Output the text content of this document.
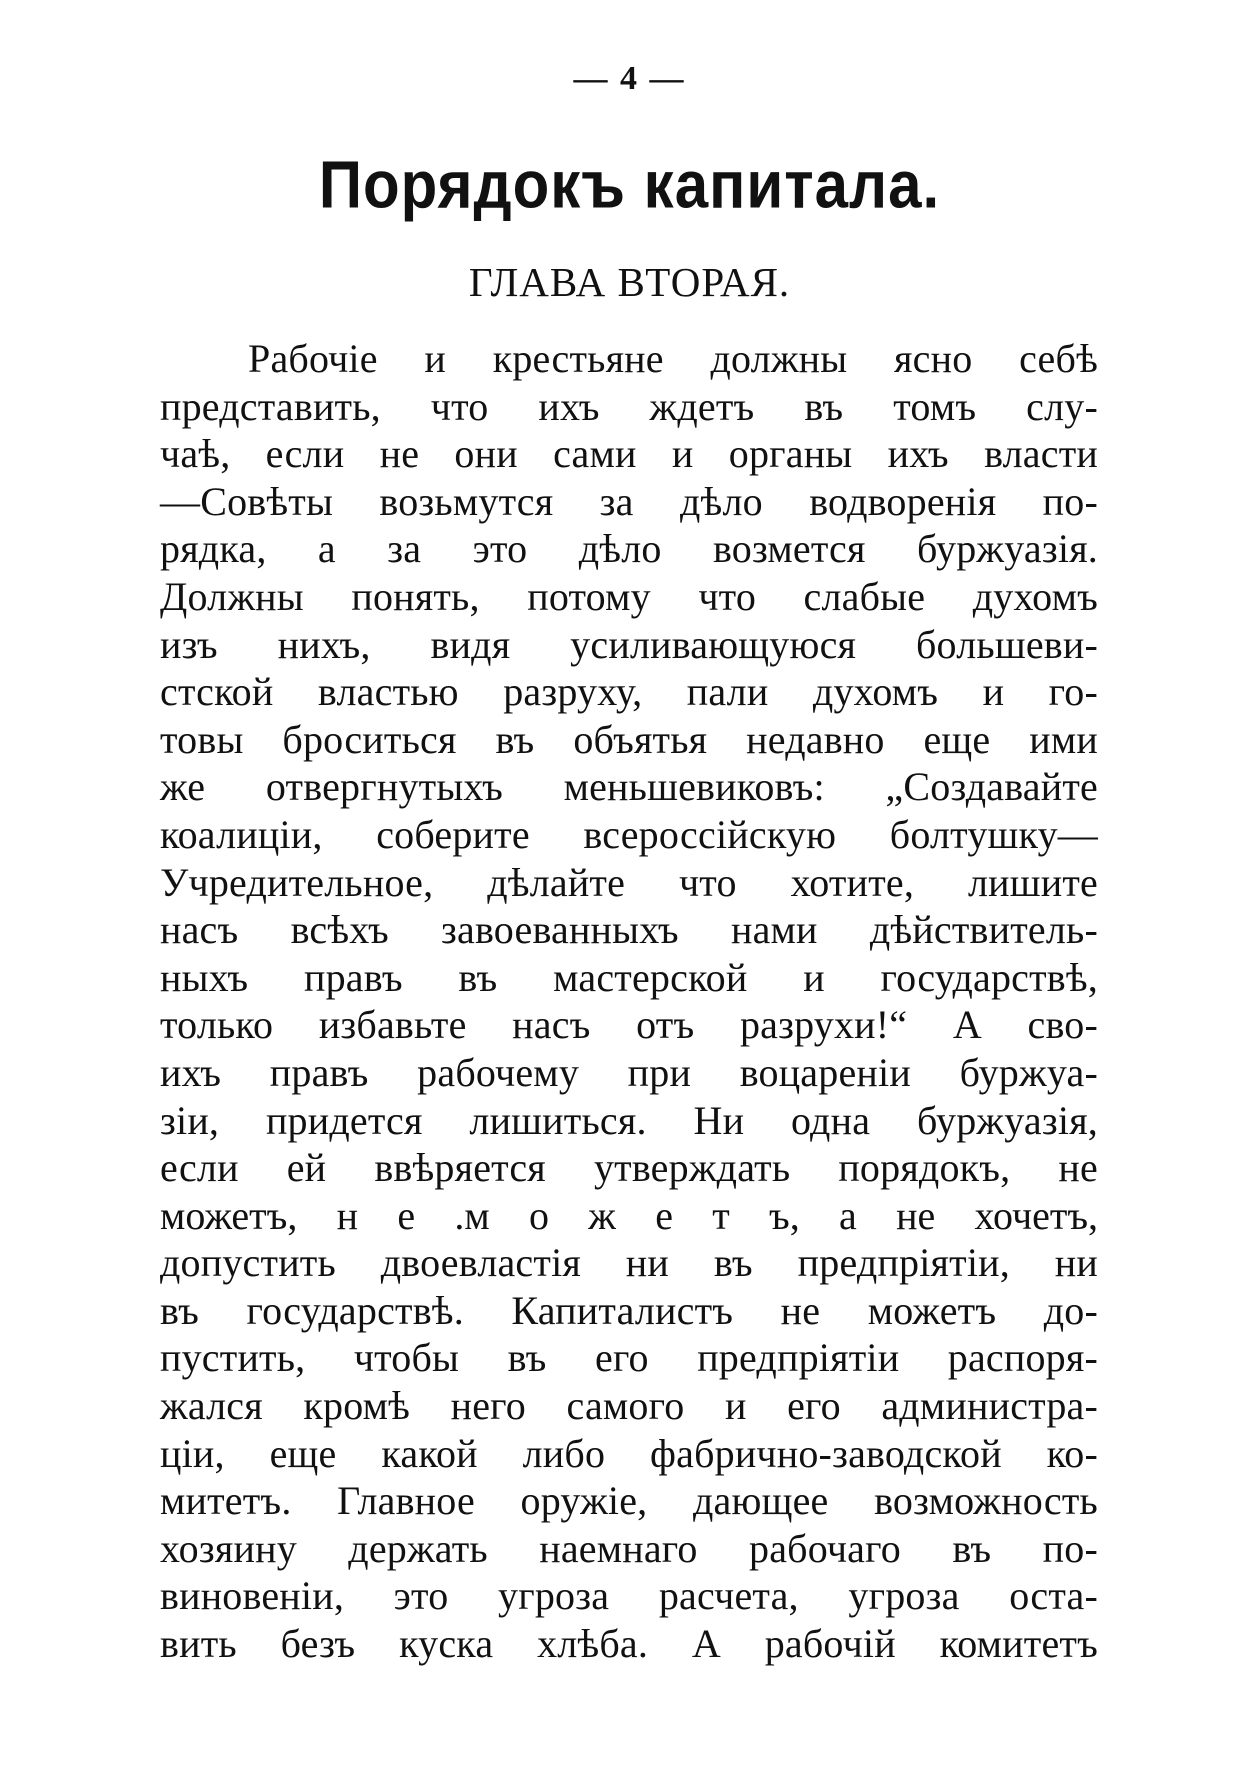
— 4 —
Порядокъ капитала.
ГЛАВА ВТОРАЯ.
Рабочіе и крестьяне должны ясно себѣ
представить, что ихъ ждетъ въ томъ слу-
чаѣ, если не они сами и органы ихъ власти
—Совѣты возьмутся за дѣло водворенія по-
рядка, а за это дѣло возмется буржуазія.
Должны понять, потому что слабые духомъ
изъ нихъ, видя усиливающуюся большеви-
стской властью разруху, пали духомъ и го-
товы броситься въ объятья недавно еще ими
же отвергнутыхъ меньшевиковъ: „Создавайте
коалиціи, соберите всероссійскую болтушку—
Учредительное, дѣлайте что хотите, лишите
насъ всѣхъ завоеванныхъ нами дѣйствитель-
ныхъ правъ въ мастерской и государствѣ,
только избавьте насъ отъ разрухи!“ А сво-
ихъ правъ рабочему при воцареніи буржуа-
зіи, придется лишиться. Ни одна буржуазія,
если ей ввѣряется утверждать порядокъ, не
можетъ, н е .м о ж е т ъ, а не хочетъ,
допустить двоевластія ни въ предпріятіи, ни
въ государствѣ. Капиталистъ не можетъ до-
пустить, чтобы въ его предпріятіи распоря-
жался кромѣ него самого и его администра-
ціи, еще какой либо фабрично-заводской ко-
митетъ. Главное оружіе, дающее возможность
хозяину держать наемнаго рабочаго въ по-
виновеніи, это угроза расчета, угроза оста-
вить безъ куска хлѣба. А рабочій комитетъ
